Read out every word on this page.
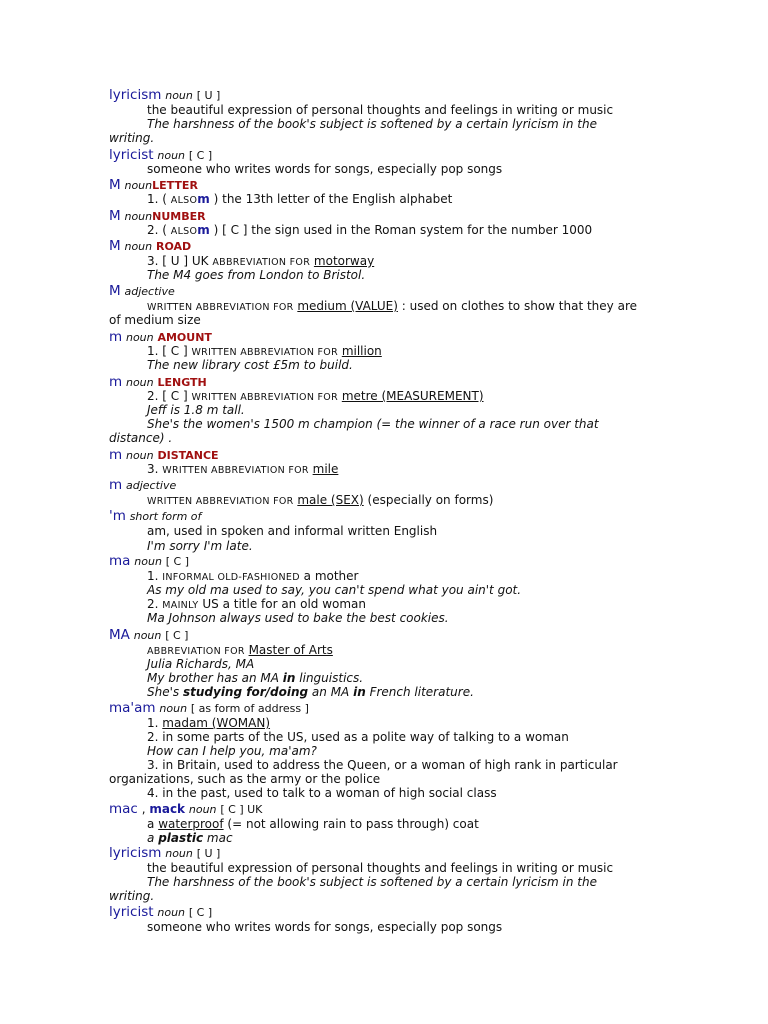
lyricism noun [ U ]
the beautiful expression of personal thoughts and feelings in writing or music
The harshness of the book's subject is softened by a certain lyricism in the
writing.
lyricist noun [ C ]
someone who writes words for songs, especially pop songs
M nounLETTER
1. ( ALSOm ) the 13th letter of the English alphabet
M nounNUMBER
2. ( ALSOm ) [ C ] the sign used in the Roman system for the number 1000
M noun ROAD
3. [ U ] UK ABBREVIATION FOR motorway
The M4 goes from London to Bristol.
M adjective
WRITTEN ABBREVIATION FOR medium (VALUE) : used on clothes to show that they are
of medium size
m noun AMOUNT
1. [ C ] WRITTEN ABBREVIATION FOR million
The new library cost £5m to build.
m noun LENGTH
2. [ C ] WRITTEN ABBREVIATION FOR metre (MEASUREMENT)
Jeff is 1.8 m tall.
She's the women's 1500 m champion (= the winner of a race run over that
distance) .
m noun DISTANCE
3. WRITTEN ABBREVIATION FOR mile
m adjective
WRITTEN ABBREVIATION FOR male (SEX) (especially on forms)
'm short form of
am, used in spoken and informal written English
I'm sorry I'm late.
ma noun [ C ]
1. INFORMAL OLD-FASHIONED a mother
As my old ma used to say, you can't spend what you ain't got.
2. MAINLY US a title for an old woman
Ma Johnson always used to bake the best cookies.
MA noun [ C ]
ABBREVIATION FOR Master of Arts
Julia Richards, MA
My brother has an MA in linguistics.
She's studying for/doing an MA in French literature.
ma'am noun [ as form of address ]
1. madam (WOMAN)
2. in some parts of the US, used as a polite way of talking to a woman
How can I help you, ma'am?
3. in Britain, used to address the Queen, or a woman of high rank in particular
organizations, such as the army or the police
4. in the past, used to talk to a woman of high social class
mac , mack noun [ C ] UK
a waterproof (= not allowing rain to pass through) coat
a plastic mac
lyricism noun [ U ]
the beautiful expression of personal thoughts and feelings in writing or music
The harshness of the book's subject is softened by a certain lyricism in the
writing.
lyricist noun [ C ]
someone who writes words for songs, especially pop songs
